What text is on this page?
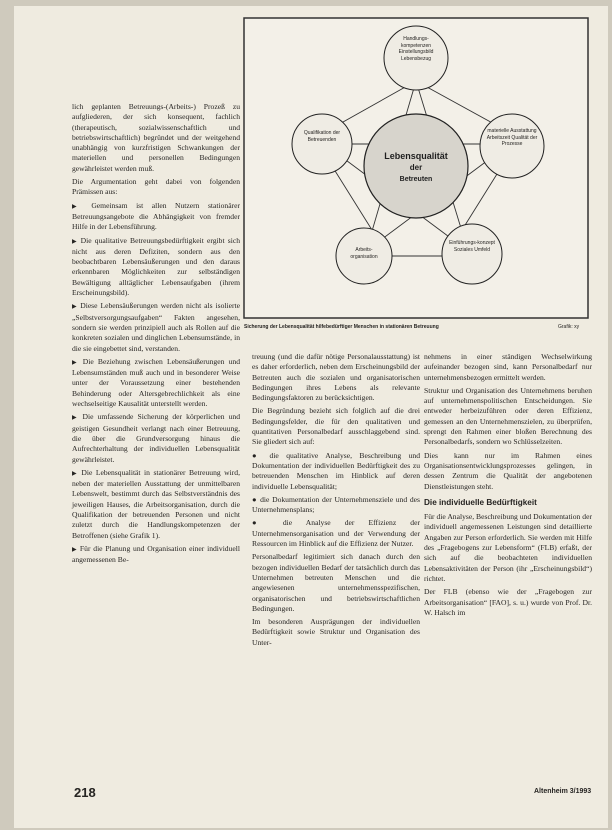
Lebensqualität
der
Betreuten
Handlungs-kompetenzen Einstellungsbild Lebensbezug
Qualifikation der Betreuenden
materielle Ausstattung Arbeitszeit Qualität der Prozesse
Arbeits-organisation
Einführungs-konzept Soziales Umfeld
Sicherung der Lebensqualität hilfebedürftiger Menschen in stationären Betreuung	Grafik: xy

lich geplanten Betreuungs-(Arbeits-) Prozeß zu aufgliederen, der sich konsequent, fachlich (therapeutisch, sozialwissenschaftlich und betriebswirtschaftlich) begründet und der weitgehend unabhängig von kurzfristigen Schwankungen der materiellen und personellen Bedingungen gewährleistet werden muß.

Die Argumentation geht dabei von folgenden Prämissen aus:

▶ Gemeinsam ist allen Nutzern stationärer Betreuungsangebote die Abhängigkeit von fremder Hilfe in der Lebensführung.

▶ Die qualitative Betreuungsbedürftigkeit ergibt sich nicht aus deren Defiziten, sondern aus den beobachtbaren Lebensäußerungen und den daraus erkennbaren Möglichkeiten zur selbständigen Bewältigung alltäglicher Lebensaufgaben (ihrem Erscheinungsbild).

▶ Diese Lebensäußerungen werden nicht als isolierte „Selbstversorgungsaufgaben“ Fakten angesehen, sondern sie werden prinzipiell auch als Rollen auf die konkreten sozialen und dinglichen Lebensumstände, in die sie eingebettet sind, verstanden.

▶ Die Beziehung zwischen Lebensäußerungen und Lebensumständen muß auch und in besonderer Weise unter der Voraussetzung einer bestehenden Behinderung oder Altersgebrechlichkeit als eine wechselseitige Kausalität unterstellt werden.

▶ Die umfassende Sicherung der körperlichen und geistigen Gesundheit verlangt nach einer Betreuung, die über die Grundversorgung hinaus die Aufrechterhaltung der individuellen Lebensqualität gewährleistet.

▶ Die Lebensqualität in stationärer Betreuung wird, neben der materiellen Ausstattung der unmittelbaren Lebenswelt, bestimmt durch das Selbstverständnis des jeweiligen Hauses, die Arbeitsorganisation, durch die Qualifikation der betreuenden Personen und nicht zuletzt durch die Handlungskompetenzen der Betroffenen (siehe Grafik 1).

▶ Für die Planung und Organisation einer individuell angemessenen Be-

treuung (und die dafür nötige Personalausstattung) ist es daher erforderlich, neben dem Erscheinungsbild der Betreuten auch die sozialen und organisatorischen Bedingungen ihres Lebens als relevante Bedingungsfaktoren zu berücksichtigen.

Die Begründung bezieht sich folglich auf die drei Bedingungsfelder, die für den qualitativen und quantitativen Personalbedarf ausschlaggebend sind. Sie gliedert sich auf:

● die qualitative Analyse, Beschreibung und Dokumentation der individuellen Bedürftigkeit des zu betreuenden Menschen im Hinblick auf deren individuelle Lebensqualität;

● die Dokumentation der Unternehmensziele und des Unternehmensplans;

● die Analyse der Effizienz der Unternehmensorganisation und der Verwendung der Ressourcen im Hinblick auf die Effizienz der Nutzer.

Personalbedarf legitimiert sich danach durch den bezogen individuellen Bedarf der tatsächlich durch das Unternehmen betreuten Menschen und die angewiesenen unternehmensspezifischen, organisatorischen und betriebswirtschaftlichen Bedingungen.

Im besonderen Ausprägungen der individuellen Bedürftigkeit sowie Struktur und Organisation des Unter-

nehmens in einer ständigen Wechselwirkung aufeinander bezogen sind, kann Personalbedarf nur unternehmensbezogen ermittelt werden.

Struktur und Organisation des Unternehmens beruhen auf unternehmenspolitischen Entscheidungen. Sie entweder herbeizuführen oder deren Effizienz, gemessen an den Unternehmenszielen, zu überprüfen, sprengt den Rahmen einer bloßen Berechnung des Personalbedarfs, sondern wo Schlüsselzeiten.

Dies kann nur im Rahmen eines Organisationsentwicklungsprozesses gelingen, in dessen Zentrum die Qualität der angebotenen Dienstleistungen steht.

Die individuelle Bedürftigkeit

Für die Analyse, Beschreibung und Dokumentation der individuell angemessenen Leistungen sind detaillierte Angaben zur Person erforderlich. Sie werden mit Hilfe des „Fragebogens zur Lebensform“ (FLB) erfaßt, der sich auf die beobachteten individuellen Lebensaktivitäten der Person (ihr „Erscheinungsbild“) richtet.

Der FLB (ebenso wie der „Fragebogen zur Arbeitsorganisation“ [FAO], s. u.) wurde von Prof. Dr. W. Halsch im

218	Altenheim 3/1993
